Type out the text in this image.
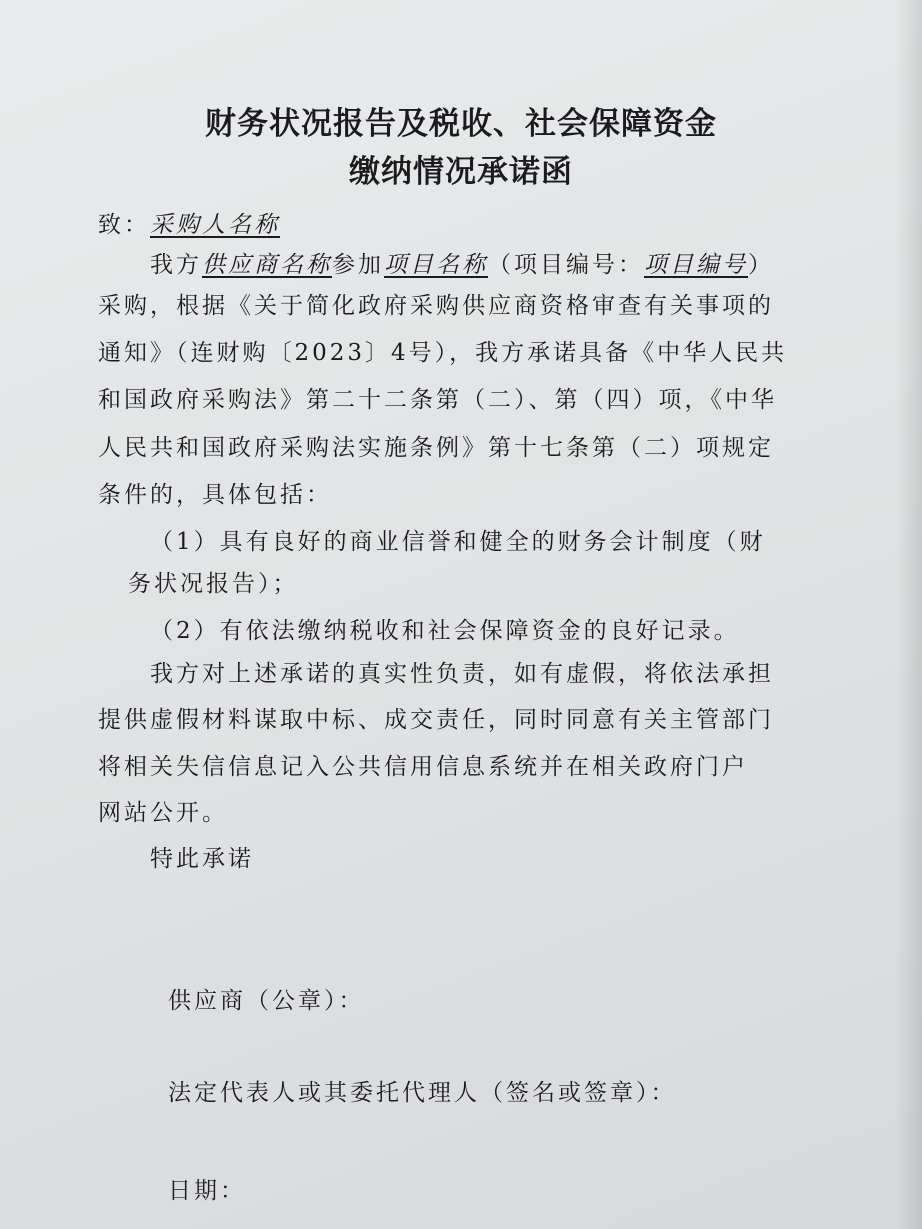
财务状况报告及税收、社会保障资金
缴纳情况承诺函

致：采购人名称

我方供应商名称参加项目名称（项目编号：项目编号）

采购，根据《关于简化政府采购供应商资格审查有关事项的

通知》（连财购〔2023〕4号），我方承诺具备《中华人民共

和国政府采购法》第二十二条第（二）、第（四）项，《中华

人民共和国政府采购法实施条例》第十七条第（二）项规定

条件的，具体包括：

（1）具有良好的商业信誉和健全的财务会计制度（财

务状况报告）；

（2）有依法缴纳税收和社会保障资金的良好记录。

我方对上述承诺的真实性负责，如有虚假，将依法承担

提供虚假材料谋取中标、成交责任，同时同意有关主管部门

将相关失信信息记入公共信用信息系统并在相关政府门户

网站公开。

特此承诺

供应商（公章）：

法定代表人或其委托代理人（签名或签章）：

日期：
